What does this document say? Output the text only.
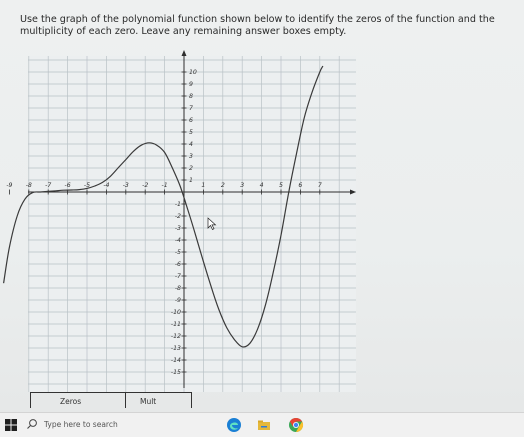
Use the graph of the polynomial function shown below to identify the zeros of the function and the multiplicity of each zero. Leave any remaining answer boxes empty.
-9 -8 -7 -6 -5 -4 -3 -2 -1	1 2 3 4 5 6 7
-15
-14
-13
-12
-11
-10
-9
-8
-7
-6
-5
-4
-3
-2
-1
1
2
3
4
5
6
7
8
9
10
Zeros	Mult
Type here to search
